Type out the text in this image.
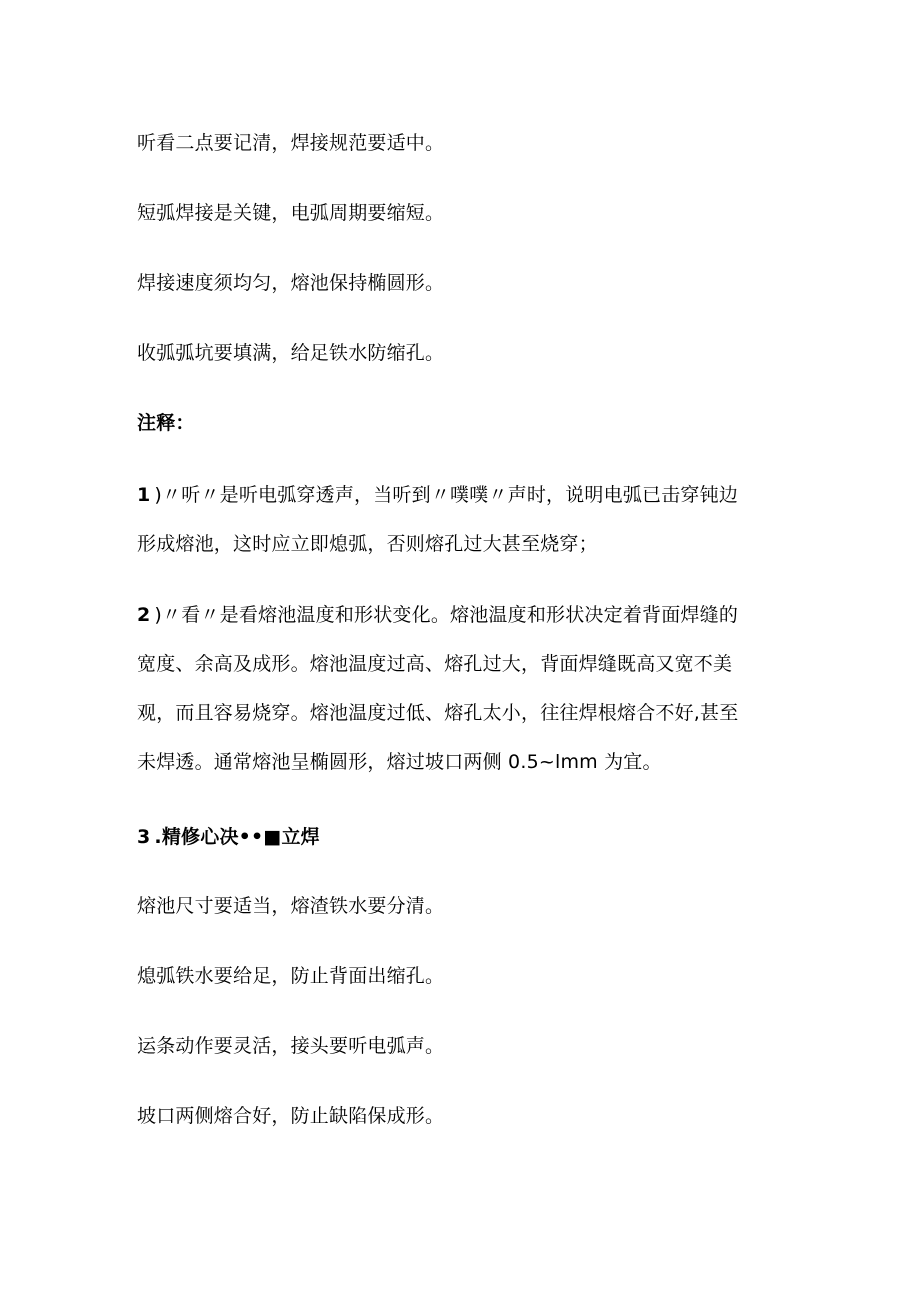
听看二点要记清，焊接规范要适中。

短弧焊接是关键，电弧周期要缩短。

焊接速度须均匀，熔池保持椭圆形。

收弧弧坑要填满，给足铁水防缩孔。

注释：

1 )〃听〃是听电弧穿透声，当听到〃噗噗〃声时，说明电弧已击穿钝边

形成熔池，这时应立即熄弧，否则熔孔过大甚至烧穿；

2 )〃看〃是看熔池温度和形状变化。熔池温度和形状决定着背面焊缝的

宽度、余高及成形。熔池温度过高、熔孔过大，背面焊缝既高又宽不美

观，而且容易烧穿。熔池温度过低、熔孔太小，往往焊根熔合不好,甚至

未焊透。通常熔池呈椭圆形，熔过坡口两侧 0.5~lmm 为宜。

3 .精修心决••■立焊

熔池尺寸要适当，熔渣铁水要分清。

熄弧铁水要给足，防止背面出缩孔。

运条动作要灵活，接头要听电弧声。

坡口两侧熔合好，防止缺陷保成形。
